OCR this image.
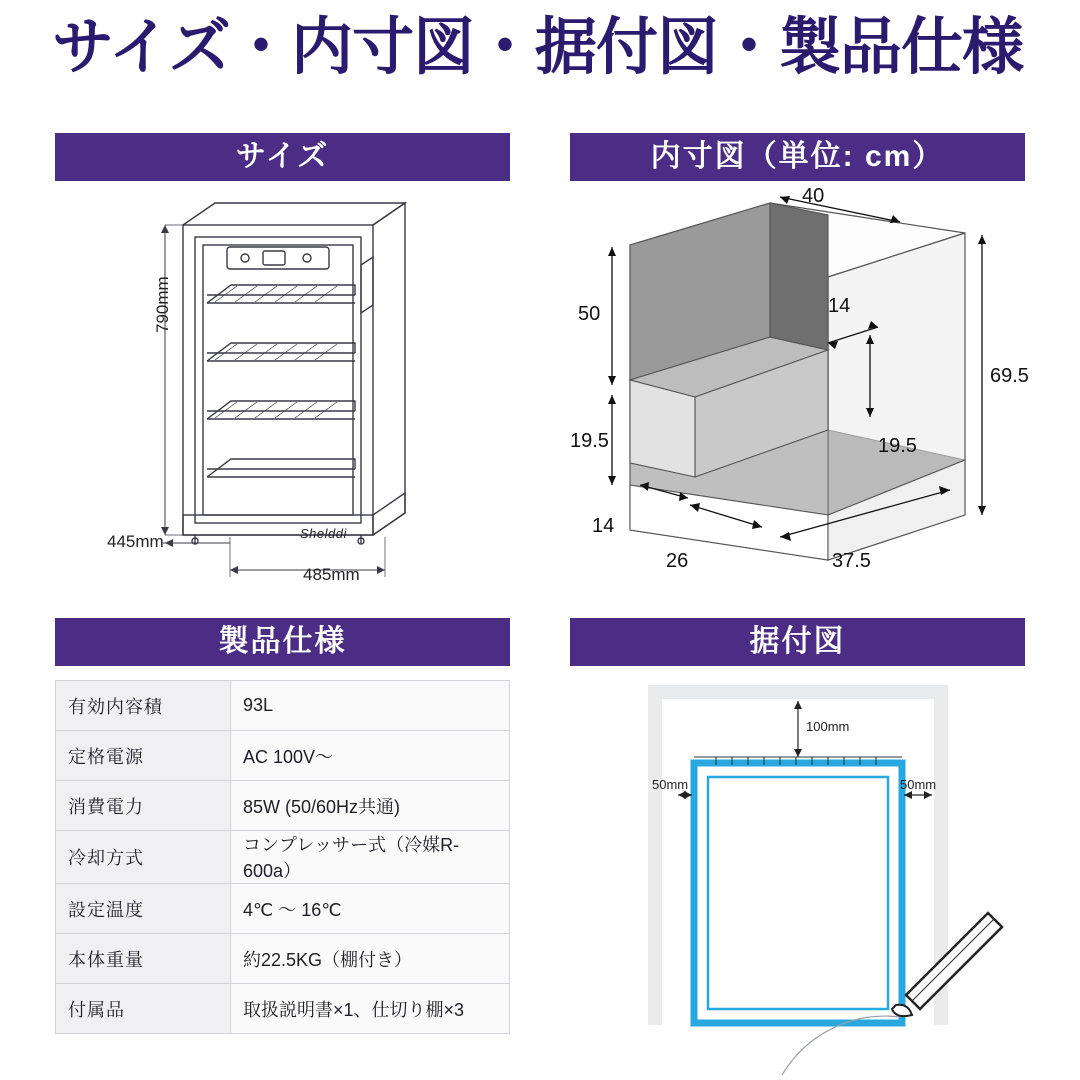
サイズ・内寸図・据付図・製品仕様
サイズ	内寸図（単位: cm）
製品仕様	据付図
790mm
445mm
485mm
Shelddi
40
50
19.5
69.5
14
19.5
14
26	37.5
有効内容積	93L
定格電源	AC 100V〜
消費電力	85W (50/60Hz共通)
冷却方式	コンプレッサー式（冷媒R-600a）
設定温度	4℃ 〜 16℃
本体重量	約22.5KG（棚付き）
付属品	取扱説明書×1、仕切り棚×3
100mm
50mm	50mm
